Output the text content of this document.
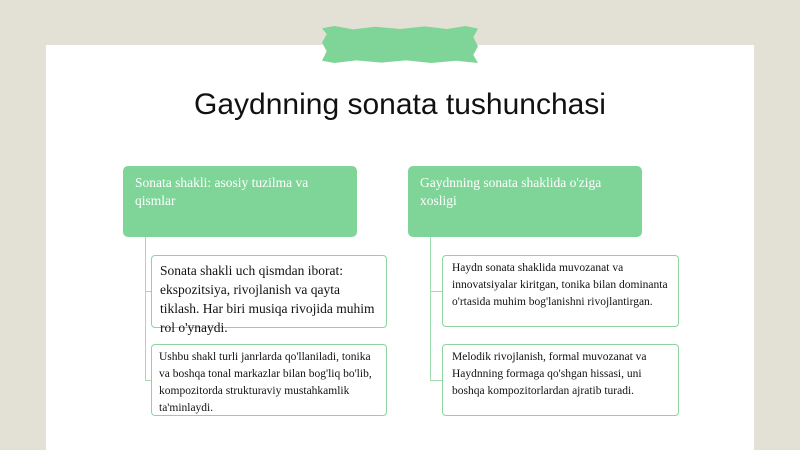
Gaydnning sonata tushunchasi
Sonata shakli: asosiy tuzilma va qismlar
Sonata shakli uch qismdan iborat: ekspozitsiya, rivojlanish va qayta tiklash. Har biri musiqa rivojida muhim rol o'ynaydi.
Ushbu shakl turli janrlarda qo'llaniladi, tonika va boshqa tonal markazlar bilan bog'liq bo'lib, kompozitorda strukturaviy mustahkamlik ta'minlaydi.
Gaydnning sonata shaklida o'ziga xosligi
Haydn sonata shaklida muvozanat va innovatsiyalar kiritgan, tonika bilan dominanta o'rtasida muhim bog'lanishni rivojlantirgan.
Melodik rivojlanish, formal muvozanat va Haydnning formaga qo'shgan hissasi, uni boshqa kompozitorlardan ajratib turadi.
